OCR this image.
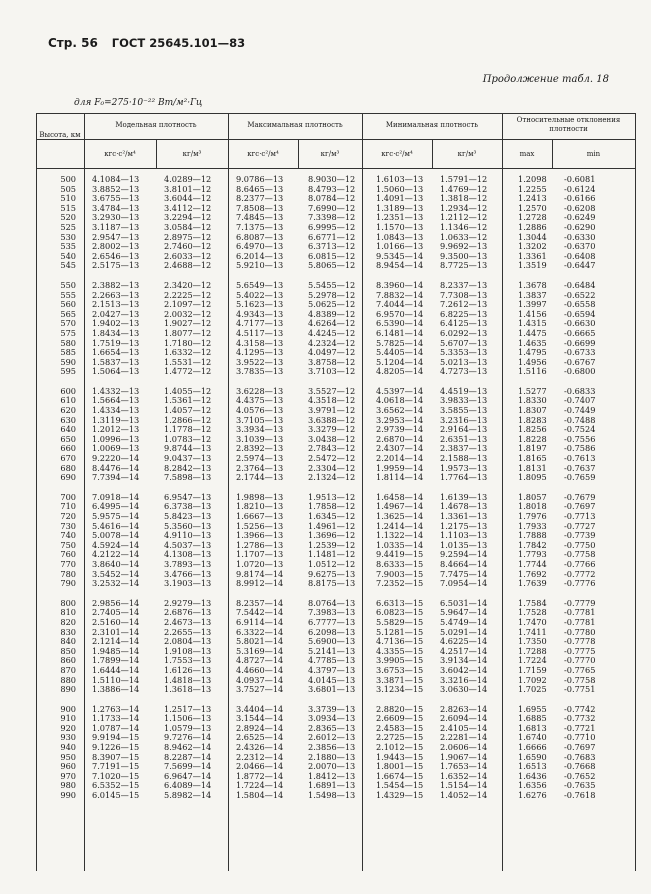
Стр. 56 ГОСТ 25645.101—83
Продолжение табл. 18
для F₀=275·10⁻²² Вт/м²·Гц
Высота, км
Модельная плотность	Максимальная плотность	Минимальная плотность
Относительные отклонения плотности
кгс·с²/м⁴	кг/м³	кгс·с²/м⁴	кг/м³	кгс·с²/м⁴	кг/м³	max	min
500 4.1084—13	4.0289—12	9.0786—13	8.9030—12	1.6103—13 1.5791—12	1.2098 -0.6081
505 3.8852—13	3.8101—12	8.6465—13	8.4793—12	1.5060—13 1.4769—12	1.2255 -0.6124
510 3.6755—13	3.6044—12	8.2377—13	8.0784—12	1.4091—13 1.3818—12	1.2413 -0.6166
515 3.4784—13	3.4112—12	7.8508—13	7.6990—12	1.3189—13 1.2934—12	1.2570 -0.6208
520 3.2930—13	3.2294—12	7.4845—13	7.3398—12	1.2351—13 1.2112—12	1.2728 -0.6249
525 3.1187—13	3.0584—12	7.1375—13	6.9995—12	1.1570—13 1.1346—12	1.2886 -0.6290
530 2.9547—13	2.8975—12	6.8087—13	6.6771—12	1.0843—13 1.0633—12	1.3044 -0.6330
535 2.8002—13	2.7460—12	6.4970—13	6.3713—12	1.0166—13 9.9692—13	1.3202 -0.6370
540 2.6546—13	2.6033—12	6.2014—13	6.0815—12	9.5345—14 9.3500—13	1.3361 -0.6408
545 2.5175—13	2.4688—12	5.9210—13	5.8065—12	8.9454—14 8.7725—13	1.3519 -0.6447
550 2.3882—13	2.3420—12	5.6549—13	5.5455—12	8.3960—14 8.2337—13	1.3678 -0.6484
555 2.2663—13	2.2225—12	5.4022—13	5.2978—12	7.8832—14 7.7308—13	1.3837 -0.6522
560 2.1513—13	2.1097—12	5.1623—13	5.0625—12	7.4044—14 7.2612—13	1.3997 -0.6558
565 2.0427—13	2.0032—12	4.9343—13	4.8389—12	6.9570—14 6.8225—13	1.4156 -0.6594
570 1.9402—13	1.9027—12	4.7177—13	4.6264—12	6.5390—14 6.4125—13	1.4315 -0.6630
575 1.8434—13	1.8077—12	4.5117—13	4.4245—12	6.1481—14 6.0292—13	1.4475 -0.6665
580 1.7519—13	1.7180—12	4.3158—13	4.2324—12	5.7825—14 5.6707—13	1.4635 -0.6699
585 1.6654—13	1.6332—12	4.1295—13	4.0497—12	5.4405—14 5.3353—13	1.4795 -0.6733
590 1.5837—13	1.5531—12	3.9522—13	3.8758—12	5.1204—14 5.0213—13	1.4956 -0.6767
595 1.5064—13	1.4772—12	3.7835—13	3.7103—12	4.8205—14 4.7273—13	1.5116 -0.6800
600 1.4332—13	1.4055—12	3.6228—13	3.5527—12	4.5397—14 4.4519—13	1.5277 -0.6833
610 1.5664—13	1.5361—12	4.4375—13	4.3518—12	4.0618—14 3.9833—13	1.8330 -0.7407
620 1.4334—13	1.4057—12	4.0576—13	3.9791—12	3.6562—14 3.5855—13	1.8307 -0.7449
630 1.3119—13	1.2866—12	3.7105—13	3.6388—12	3.2953—14 3.2316—13	1.8283 -0.7488
640 1.2012—13	1.1778—12	3.3934—13	3.3279—12	2.9739—14 2.9164—13	1.8256 -0.7524
650 1.0996—13	1.0783—12	3.1039—13	3.0438—12	2.6870—14 2.6351—13	1.8228 -0.7556
660 1.0069—13	9.8744—13	2.8392—13	2.7843—12	2.4307—14 2.3837—13	1.8197 -0.7586
670 9.2220—14	9.0437—13	2.5974—13	2.5472—12	2.2014—14 2.1588—13	1.8165 -0.7613
680 8.4476—14	8.2842—13	2.3764—13	2.3304—12	1.9959—14 1.9573—13	1.8131 -0.7637
690 7.7394—14	7.5898—13	2.1744—13	2.1324—12	1.8114—14 1.7764—13	1.8095 -0.7659
700 7.0918—14	6.9547—13	1.9898—13	1.9513—12	1.6458—14 1.6139—13	1.8057 -0.7679
710 6.4995—14	6.3738—13	1.8210—13	1.7858—12	1.4967—14 1.4678—13	1.8018 -0.7697
720 5.9575—14	5.8423—13	1.6667—13	1.6345—12	1.3625—14 1.3361—13	1.7976 -0.7713
730 5.4616—14	5.3560—13	1.5256—13	1.4961—12	1.2414—14 1.2175—13	1.7933 -0.7727
740 5.0078—14	4.9110—13	1.3966—13	1.3696—12	1.1322—14 1.1103—13	1.7888 -0.7739
750 4.5924—14	4.5037—13	1.2786—13	1.2539—12	1.0335—14 1.0135—13	1.7842 -0.7750
760 4.2122—14	4.1308—13	1.1707—13	1.1481—12	9.4419—15 9.2594—14	1.7793 -0.7758
770 3.8640—14	3.7893—13	1.0720—13	1.0512—12	8.6333—15 8.4664—14	1.7744 -0.7766
780 3.5452—14	3.4766—13	9.8174—14	9.6275—13	7.9003—15 7.7475—14	1.7692 -0.7772
790 3.2532—14	3.1903—13	8.9912—14	8.8175—13	7.2352—15 7.0954—14	1.7639 -0.7776
800 2.9856—14	2.9279—13	8.2357—14	8.0764—13	6.6313—15 6.5031—14	1.7584 -0.7779
810 2.7405—14	2.6876—13	7.5442—14	7.3983—13	6.0823—15 5.9647—14	1.7528 -0.7781
820 2.5160—14	2.4673—13	6.9114—14	6.7777—13	5.5829—15 5.4749—14	1.7470 -0.7781
830 2.3101—14	2.2655—13	6.3322—14	6.2098—13	5.1281—15 5.0291—14	1.7411 -0.7780
840 2.1214—14	2.0804—13	5.8021—14	5.6900—13	4.7136—15 4.6225—14	1.7350 -0.7778
850 1.9485—14	1.9108—13	5.3169—14	5.2141—13	4.3355—15 4.2517—14	1.7288 -0.7775
860 1.7899—14	1.7553—13	4.8727—14	4.7785—13	3.9905—15 3.9134—14	1.7224 -0.7770
870 1.6444—14	1.6126—13	4.4660—14	4.3797—13	3.6753—15 3.6042—14	1.7159 -0.7765
880 1.5110—14	1.4818—13	4.0937—14	4.0145—13	3.3871—15 3.3216—14	1.7092 -0.7758
890 1.3886—14	1.3618—13	3.7527—14	3.6801—13	3.1234—15 3.0630—14	1.7025 -0.7751
900 1.2763—14	1.2517—13	3.4404—14	3.3739—13	2.8820—15 2.8263—14	1.6955 -0.7742
910 1.1733—14	1.1506—13	3.1544—14	3.0934—13	2.6609—15 2.6094—14	1.6885 -0.7732
920 1.0787—14	1.0579—13	2.8924—14	2.8365—13	2.4583—15 2.4105—14	1.6813 -0.7721
930 9.9194—15	9.7276—14	2.6525—14	2.6012—13	2.2725—15 2.2281—14	1.6740 -0.7710
940 9.1226—15	8.9462—14	2.4326—14	2.3856—13	2.1012—15 2.0606—14	1.6666 -0.7697
950 8.3907—15	8.2287—14	2.2312—14	2.1880—13	1.9443—15 1.9067—14	1.6590 -0.7683
960 7.7191—15	7.5699—14	2.0466—14	2.0070—13	1.8001—15 1.7653—14	1.6513 -0.7668
970 7.1020—15	6.9647—14	1.8772—14	1.8412—13	1.6674—15 1.6352—14	1.6436 -0.7652
980 6.5352—15	6.4089—14	1.7224—14	1.6891—13	1.5454—15 1.5154—14	1.6356 -0.7635
990 6.0145—15	5.8982—14	1.5804—14	1.5498—13	1.4329—15 1.4052—14	1.6276 -0.7618
